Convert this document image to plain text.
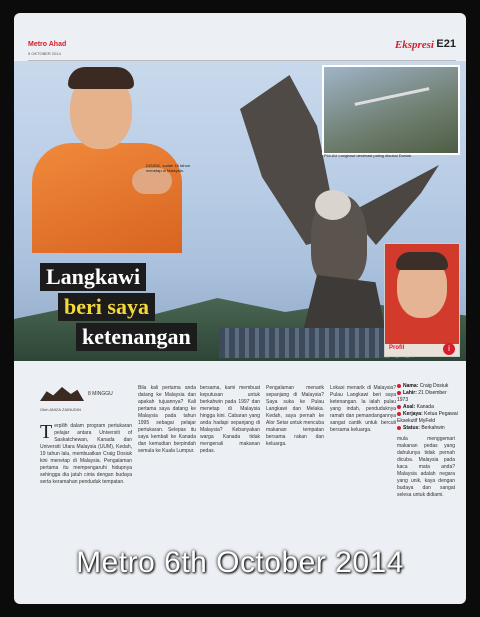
Metro Ahad
5 OKTOBER 2014
Ekspresi E21
DISISIK, sudah 16 tahun menetap di Malaysia.
PULAU Langkawi destinasi paling disukai Dosiuk.
Langkawi
beri saya
ketenangan	Profil	i
8 MINGGU
Oleh ANIZA ZAINUDIN
Terpilih dalam program pertukaran pelajar antara Universiti of Saskatchewan, Kanada dan Universiti Utara Malaysia (UUM), Kedah, 19 tahun lalu, membuatkan Craig Dosiuk kini menetap di Malaysia. Pengalaman pertama itu mempengaruhi hidupnya sehingga dia jatuh cinta dengan budaya serta keramahan penduduk tempatan.
Bila kali pertama anda datang ke Malaysia dan apakah tujuannya? Kali pertama saya datang ke Malaysia pada tahun 1995 sebagai pelajar pertukaran. Selepas itu saya kembali ke Kanada dan kemudian berpindah semula ke Kuala Lumpur.
bersama, kami membuat keputusan untuk berkahwin pada 1997 dan menetap di Malaysia hingga kini. Cabaran yang anda hadapi sepanjang di Malaysia? Kebanyakan warga Kanada tidak mengenali makanan pedas.
Pengalaman menarik sepanjang di Malaysia? Saya suka ke Pulau Langkawi dan Melaka. Kedah, saya pernah ke Alor Setar untuk mencuba makanan tempatan bersama rakan dan keluarga.
Lokasi menarik di Malaysia? Pulau Langkawi beri saya ketenangan. Ia ialah pulau yang indah, penduduknya ramah dan pemandangannya sangat cantik untuk bercuti bersama keluarga.
Nama: Craig Dosiuk
Lahir: 21 Disember 1973
Asal: Kanada
Kerjaya: Ketua Pegawai Eksekutif MyFeld
Status: Berkahwin
mula menggemari makanan pedas yang dahulunya tidak pernah dicuba. Malaysia pada kaca mata anda? Malaysia adalah negara yang unik, kaya dengan budaya dan sangat selesa untuk didiami.
Metro 6th October 2014
